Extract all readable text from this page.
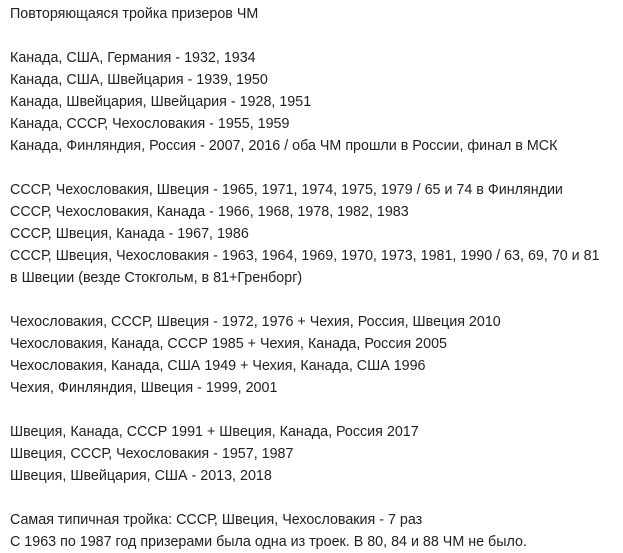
Повторяющаяся тройка призеров ЧМ
Канада, США, Германия - 1932, 1934
Канада, США, Швейцария - 1939, 1950
Канада, Швейцария, Швейцария - 1928, 1951
Канада, СССР, Чехословакия - 1955, 1959
Канада, Финляндия, Россия - 2007, 2016 / оба ЧМ прошли в России, финал в МСК
СССР, Чехословакия, Швеция - 1965, 1971, 1974, 1975, 1979 / 65 и 74 в Финляндии
СССР, Чехословакия, Канада - 1966, 1968, 1978, 1982, 1983
СССР, Швеция, Канада - 1967, 1986
СССР, Швеция, Чехословакия - 1963, 1964, 1969, 1970, 1973, 1981, 1990 / 63, 69, 70 и 81
в Швеции (везде Стокгольм, в 81+Гренборг)
Чехословакия, СССР, Швеция - 1972, 1976 + Чехия, Россия, Швеция 2010
Чехословакия, Канада, СССР 1985 + Чехия, Канада, Россия 2005
Чехословакия, Канада, США 1949 + Чехия, Канада, США 1996
Чехия, Финляндия, Швеция - 1999, 2001
Швеция, Канада, СССР 1991 + Швеция, Канада, Россия 2017
Швеция, СССР, Чехословакия - 1957, 1987
Швеция, Швейцария, США - 2013, 2018
Самая типичная тройка: СССР, Швеция, Чехословакия - 7 раз
С 1963 по 1987 год призерами была одна из троек. В 80, 84 и 88 ЧМ не было.
